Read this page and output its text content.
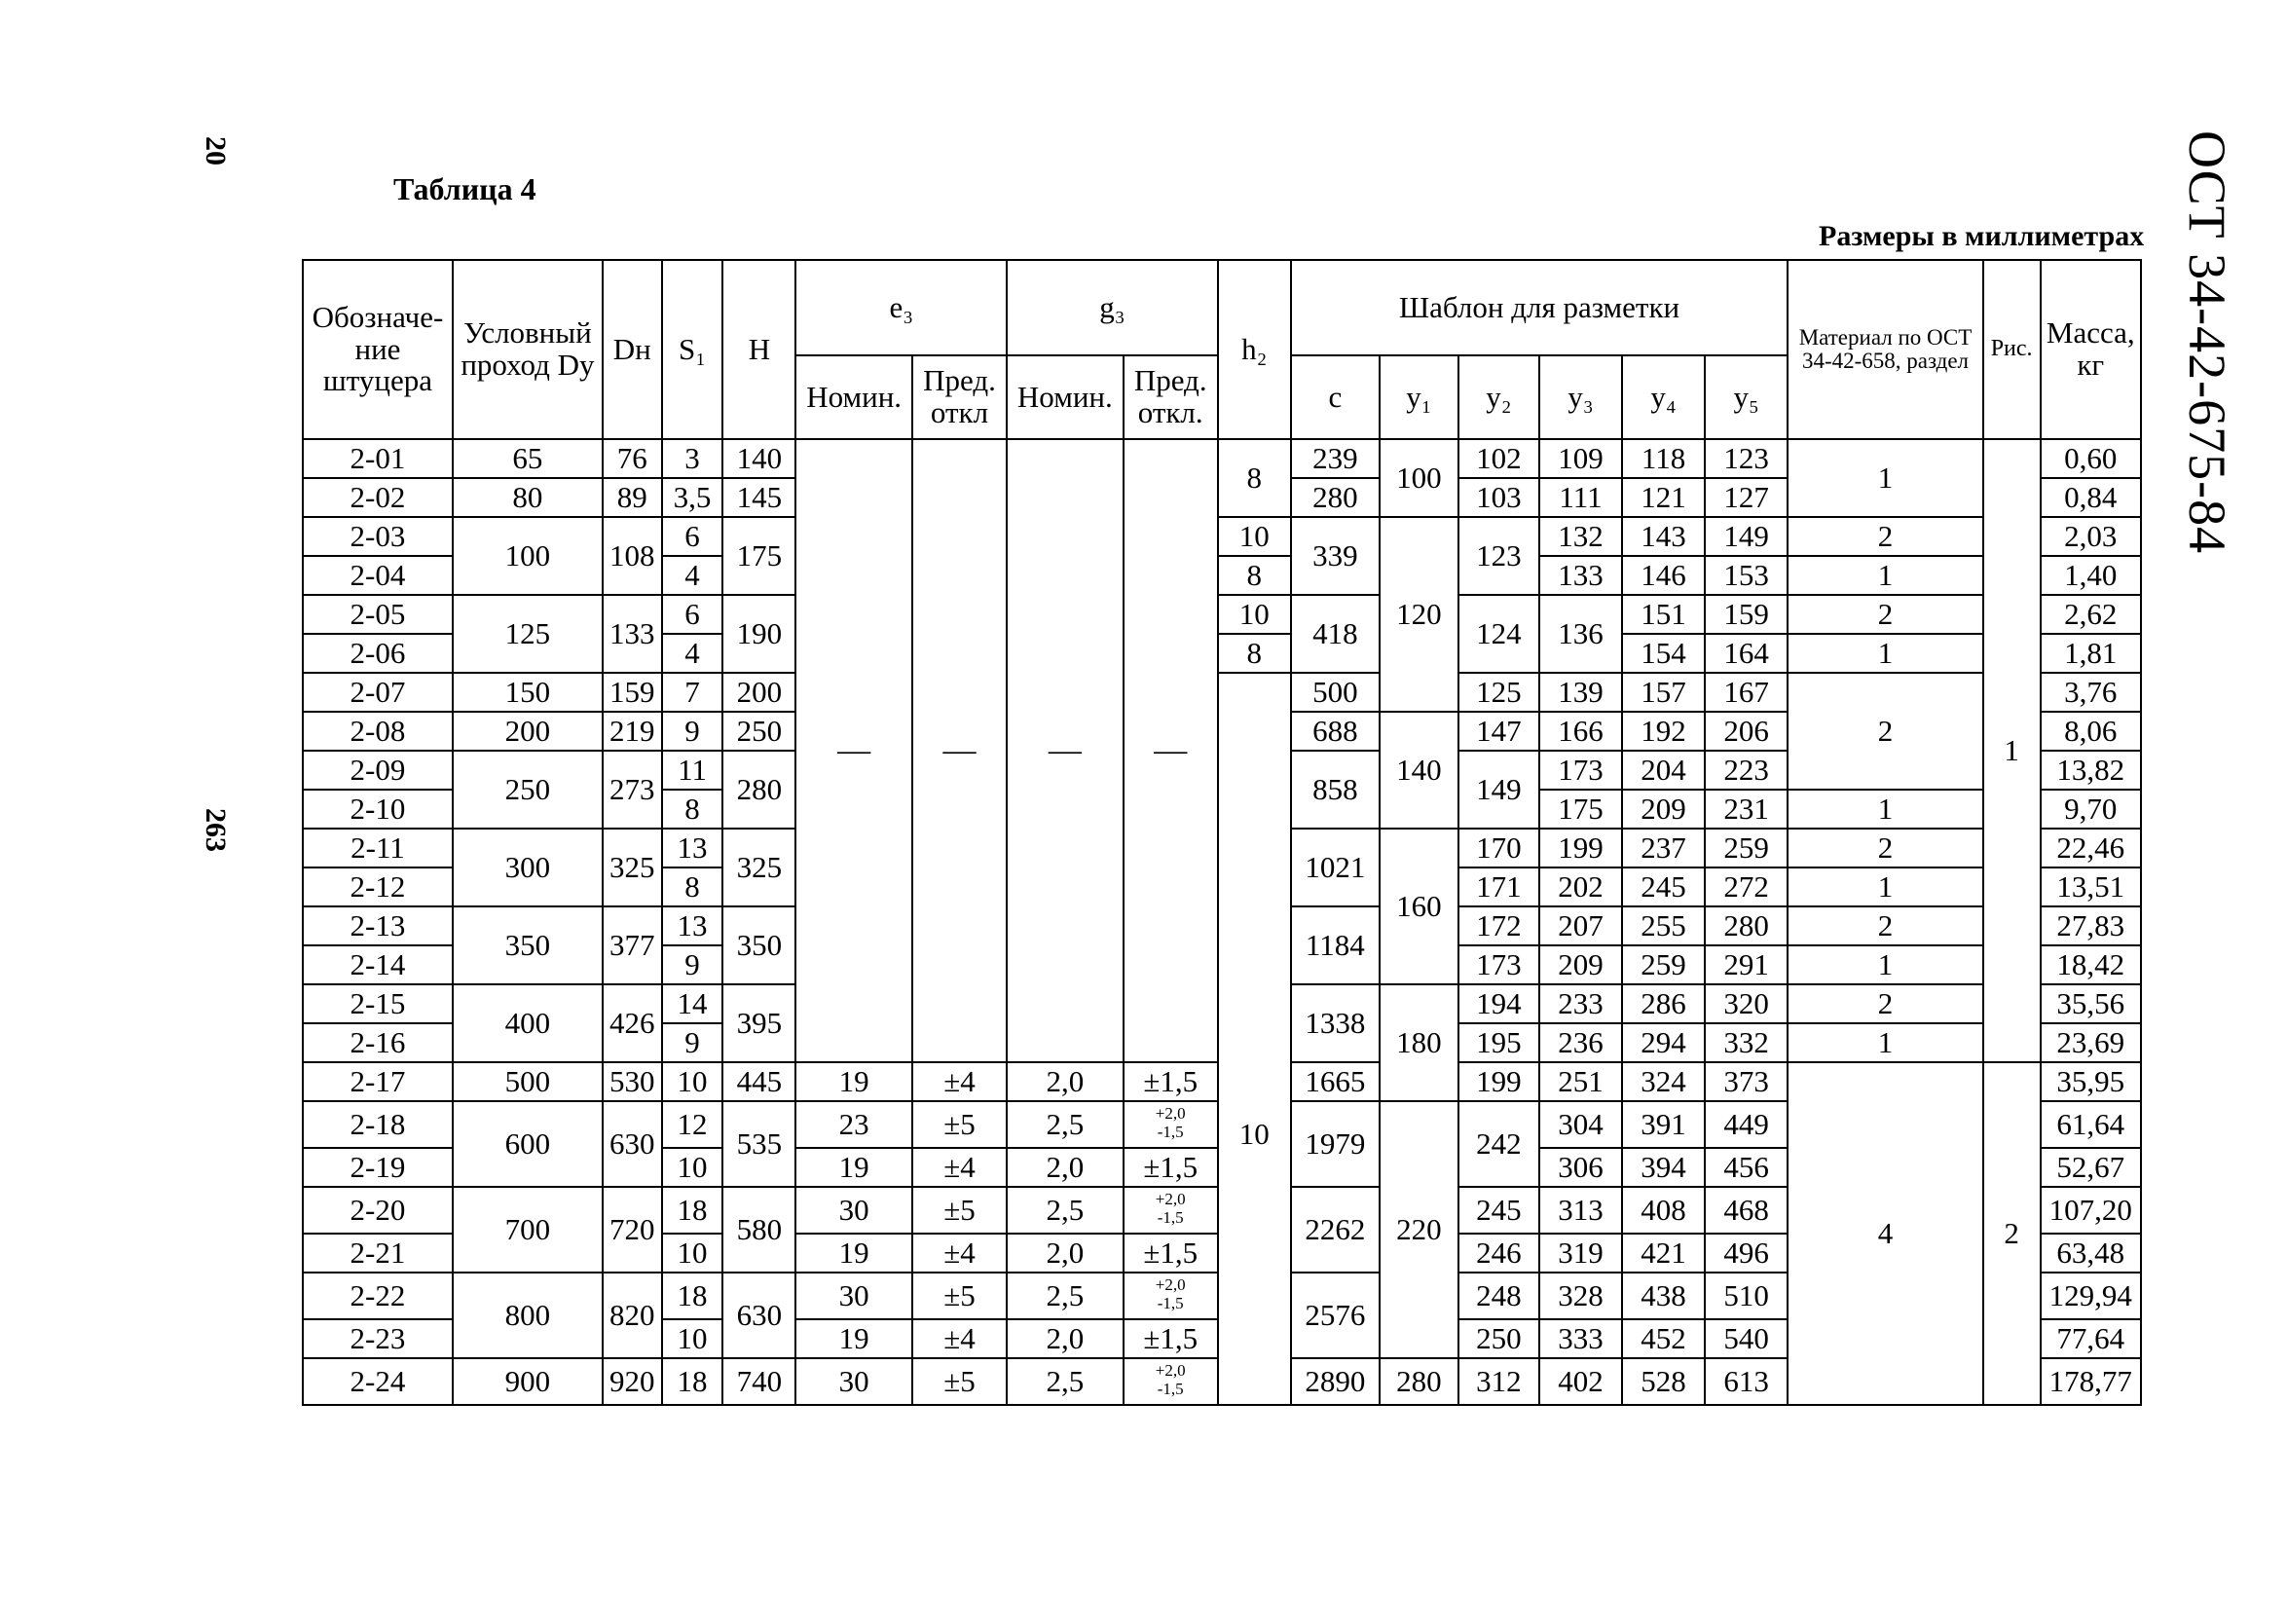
20
263
ОСТ 34-42-675-84
Таблица 4
Размеры в миллиметрах
Обозначе-ние штуцера	Условный проход Dy	Dн	S₁	H	e₃		g₃		h₂	Шаблон для разметки						Материал по ОСТ 34-42-658, раздел	Рис.	Масса, кг
					Номин.	Пред. откл	Номин.	Пред. откл.		c	y₁	y₂	y₃	y₄	y₅			
2-01	65	76	3	140	—	—	—	—	8	239	100	102	109	118	123	1	1	0,60
2-02	80	89	3,5	145						280		103	111	121	127			0,84
2-03	100	108	6	175					10	339	120	123	132	143	149	2		2,03
2-04			4						8				133	146	153	1		1,40
2-05	125	133	6	190					10	418		124	136	151	159	2		2,62
2-06			4						8					154	164	1		1,81
2-07	150	159	7	200					10	500		125	139	157	167	2		3,76
2-08	200	219	9	250						688	140	147	166	192	206			8,06
2-09	250	273	11	280						858		149	173	204	223			13,82
2-10			8										175	209	231	1		9,70
2-11	300	325	13	325						1021	160	170	199	237	259	2		22,46
2-12			8									171	202	245	272	1		13,51
2-13	350	377	13	350						1184		172	207	255	280	2		27,83
2-14			9									173	209	259	291	1		18,42
2-15	400	426	14	395						1338	180	194	233	286	320	2		35,56
2-16			9									195	236	294	332	1		23,69
2-17	500	530	10	445	19	±4	2,0	±1,5		1665		199	251	324	373	4	2	35,95
2-18	600	630	12	535	23	±5	2,5	+2,0
-1,5		1979	220	242	304	391	449			61,64
2-19			10		19	±4	2,0	±1,5					306	394	456			52,67
2-20	700	720	18	580	30	±5	2,5	+2,0
-1,5		2262		245	313	408	468			107,20
2-21			10		19	±4	2,0	±1,5				246	319	421	496			63,48
2-22	800	820	18	630	30	±5	2,5	+2,0
-1,5		2576		248	328	438	510			129,94
2-23			10		19	±4	2,0	±1,5				250	333	452	540			77,64
2-24	900	920	18	740	30	±5	2,5	+2,0
-1,5		2890	280	312	402	528	613			178,77
